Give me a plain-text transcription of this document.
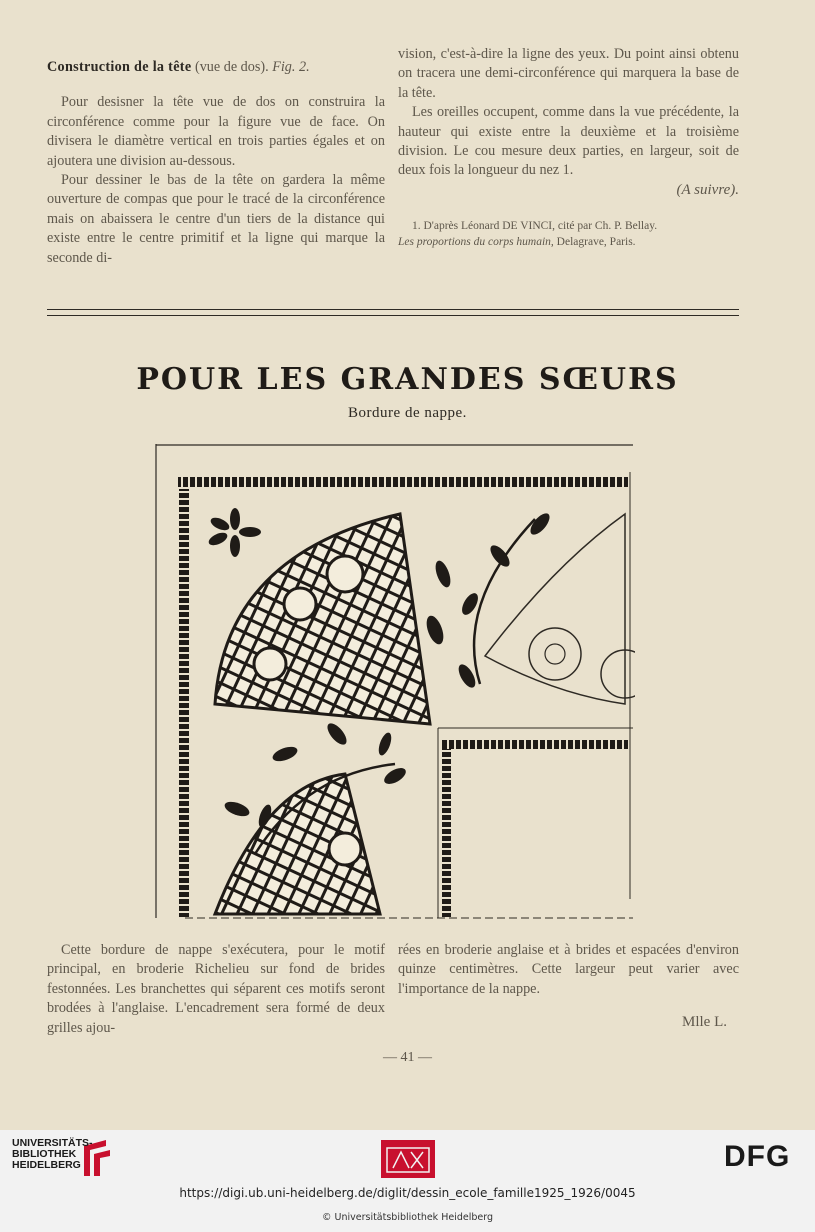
Construction de la tête (vue de dos). Fig. 2.

Pour desisner la tête vue de dos on construira la circonférence comme pour la figure vue de face. On divisera le diamètre vertical en trois parties égales et on ajoutera une division au-dessous.

Pour dessiner le bas de la tête on gardera la même ouverture de compas que pour le tracé de la circonférence mais on abaissera le centre d'un tiers de la distance qui existe entre le centre primitif et la ligne qui marque la seconde di-

vision, c'est-à-dire la ligne des yeux. Du point ainsi obtenu on tracera une demi-circonférence qui marquera la base de la tête.

Les oreilles occupent, comme dans la vue précédente, la hauteur qui existe entre la deuxième et la troisième division. Le cou mesure deux parties, en largeur, soit de deux fois la longueur du nez 1.

(A suivre).

1. D'après Léonard DE VINCI, cité par Ch. P. Bellay.

Les proportions du corps humain, Delagrave, Paris.

POUR LES GRANDES SŒURS
Bordure de nappe.

Cette bordure de nappe s'exécutera, pour le motif principal, en broderie Richelieu sur fond de brides festonnées. Les branchettes qui séparent ces motifs seront brodées à l'anglaise. L'encadrement sera formé de deux grilles ajou-

rées en broderie anglaise et à brides et espacées d'environ quinze centimètres. Cette largeur peut varier avec l'importance de la nappe.

Mlle L.

— 41 —
UNIVERSITÄTS-
BIBLIOTHEK
HEIDELBERG	DFG
https://digi.ub.uni-heidelberg.de/diglit/dessin_ecole_famille1925_1926/0045
© Universitätsbibliothek Heidelberg
